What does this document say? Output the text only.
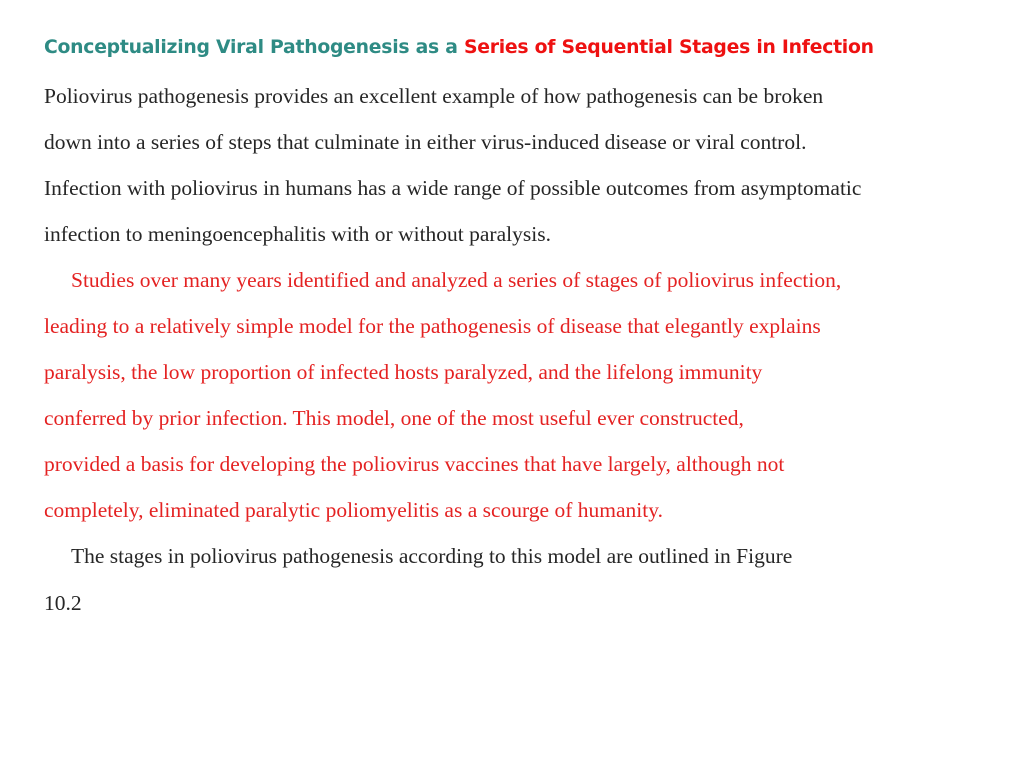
Conceptualizing Viral Pathogenesis as a Series of Sequential Stages in Infection

Poliovirus pathogenesis provides an excellent example of how pathogenesis can be broken

down into a series of steps that culminate in either virus-induced disease or viral control.

Infection with poliovirus in humans has a wide range of possible outcomes from asymptomatic

infection to meningoencephalitis with or without paralysis.

Studies over many years identified and analyzed a series of stages of poliovirus infection,

leading to a relatively simple model for the pathogenesis of disease that elegantly explains

paralysis, the low proportion of infected hosts paralyzed, and the lifelong immunity

conferred by prior infection. This model, one of the most useful ever constructed,

provided a basis for developing the poliovirus vaccines that have largely, although not

completely, eliminated paralytic poliomyelitis as a scourge of humanity.

The stages in poliovirus pathogenesis according to this model are outlined in Figure

10.2
